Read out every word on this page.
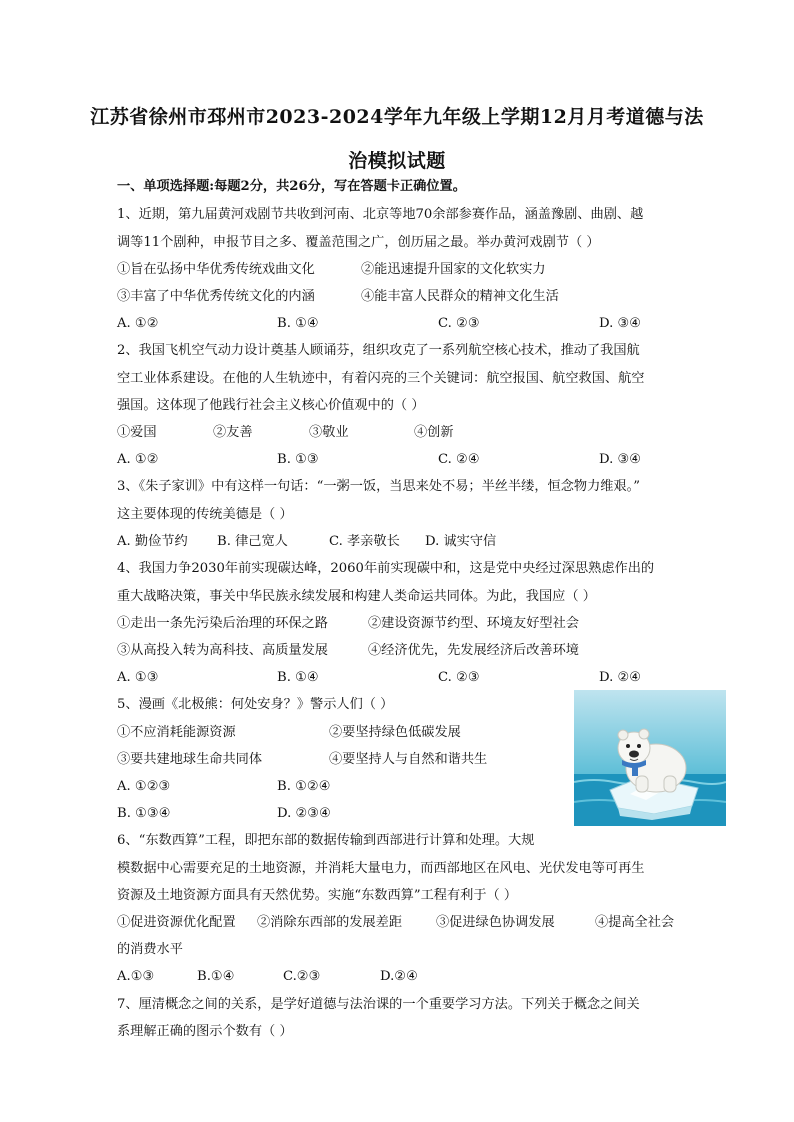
江苏省徐州市邳州市2023-2024学年九年级上学期12月月考道德与法
治模拟试题
一、单项选择题:每题2分，共26分，写在答题卡正确位置。
1、近期，第九届黄河戏剧节共收到河南、北京等地70余部参赛作品，涵盖豫剧、曲剧、越
调等11个剧种，申报节目之多、覆盖范围之广，创历届之最。举办黄河戏剧节（ ）
①旨在弘扬中华优秀传统戏曲文化	②能迅速提升国家的文化软实力
③丰富了中华优秀传统文化的内涵	④能丰富人民群众的精神文化生活
A. ①②	B. ①④	C. ②③	D. ③④
2、我国飞机空气动力设计奠基人顾诵芬，组织攻克了一系列航空核心技术，推动了我国航
空工业体系建设。在他的人生轨迹中，有着闪亮的三个关键词：航空报国、航空救国、航空
强国。这体现了他践行社会主义核心价值观中的（ ）
①爱国	②友善	③敬业	④创新
A. ①②	B. ①③	C. ②④	D. ③④
3、《朱子家训》中有这样一句话：“一粥一饭，当思来处不易；半丝半缕，恒念物力维艰。”
这主要体现的传统美德是（ ）
A. 勤俭节约 B. 律己宽人	C. 孝亲敬长 D. 诚实守信
4、我国力争2030年前实现碳达峰，2060年前实现碳中和，这是党中央经过深思熟虑作出的
重大战略决策，事关中华民族永续发展和构建人类命运共同体。为此，我国应（ ）
①走出一条先污染后治理的环保之路	②建设资源节约型、环境友好型社会
③从高投入转为高科技、高质量发展	④经济优先，先发展经济后改善环境
A. ①③	B. ①④	C. ②③	D. ②④
5、漫画《北极熊：何处安身？》警示人们（ ）
①不应消耗能源资源	②要坚持绿色低碳发展
③要共建地球生命共同体	④要坚持人与自然和谐共生
A. ①②③	B. ①②④
B. ①③④	D. ②③④
6、“东数西算”工程，即把东部的数据传输到西部进行计算和处理。大规
模数据中心需要充足的土地资源，并消耗大量电力，而西部地区在风电、光伏发电等可再生
资源及土地资源方面具有天然优势。实施“东数西算”工程有利于（ ）
①促进资源优化配置 ②消除东西部的发展差距	③促进绿色协调发展	④提高全社会
的消费水平
A.①③	B.①④	C.②③	D.②④
7、厘清概念之间的关系，是学好道德与法治课的一个重要学习方法。下列关于概念之间关
系理解正确的图示个数有（ ）
